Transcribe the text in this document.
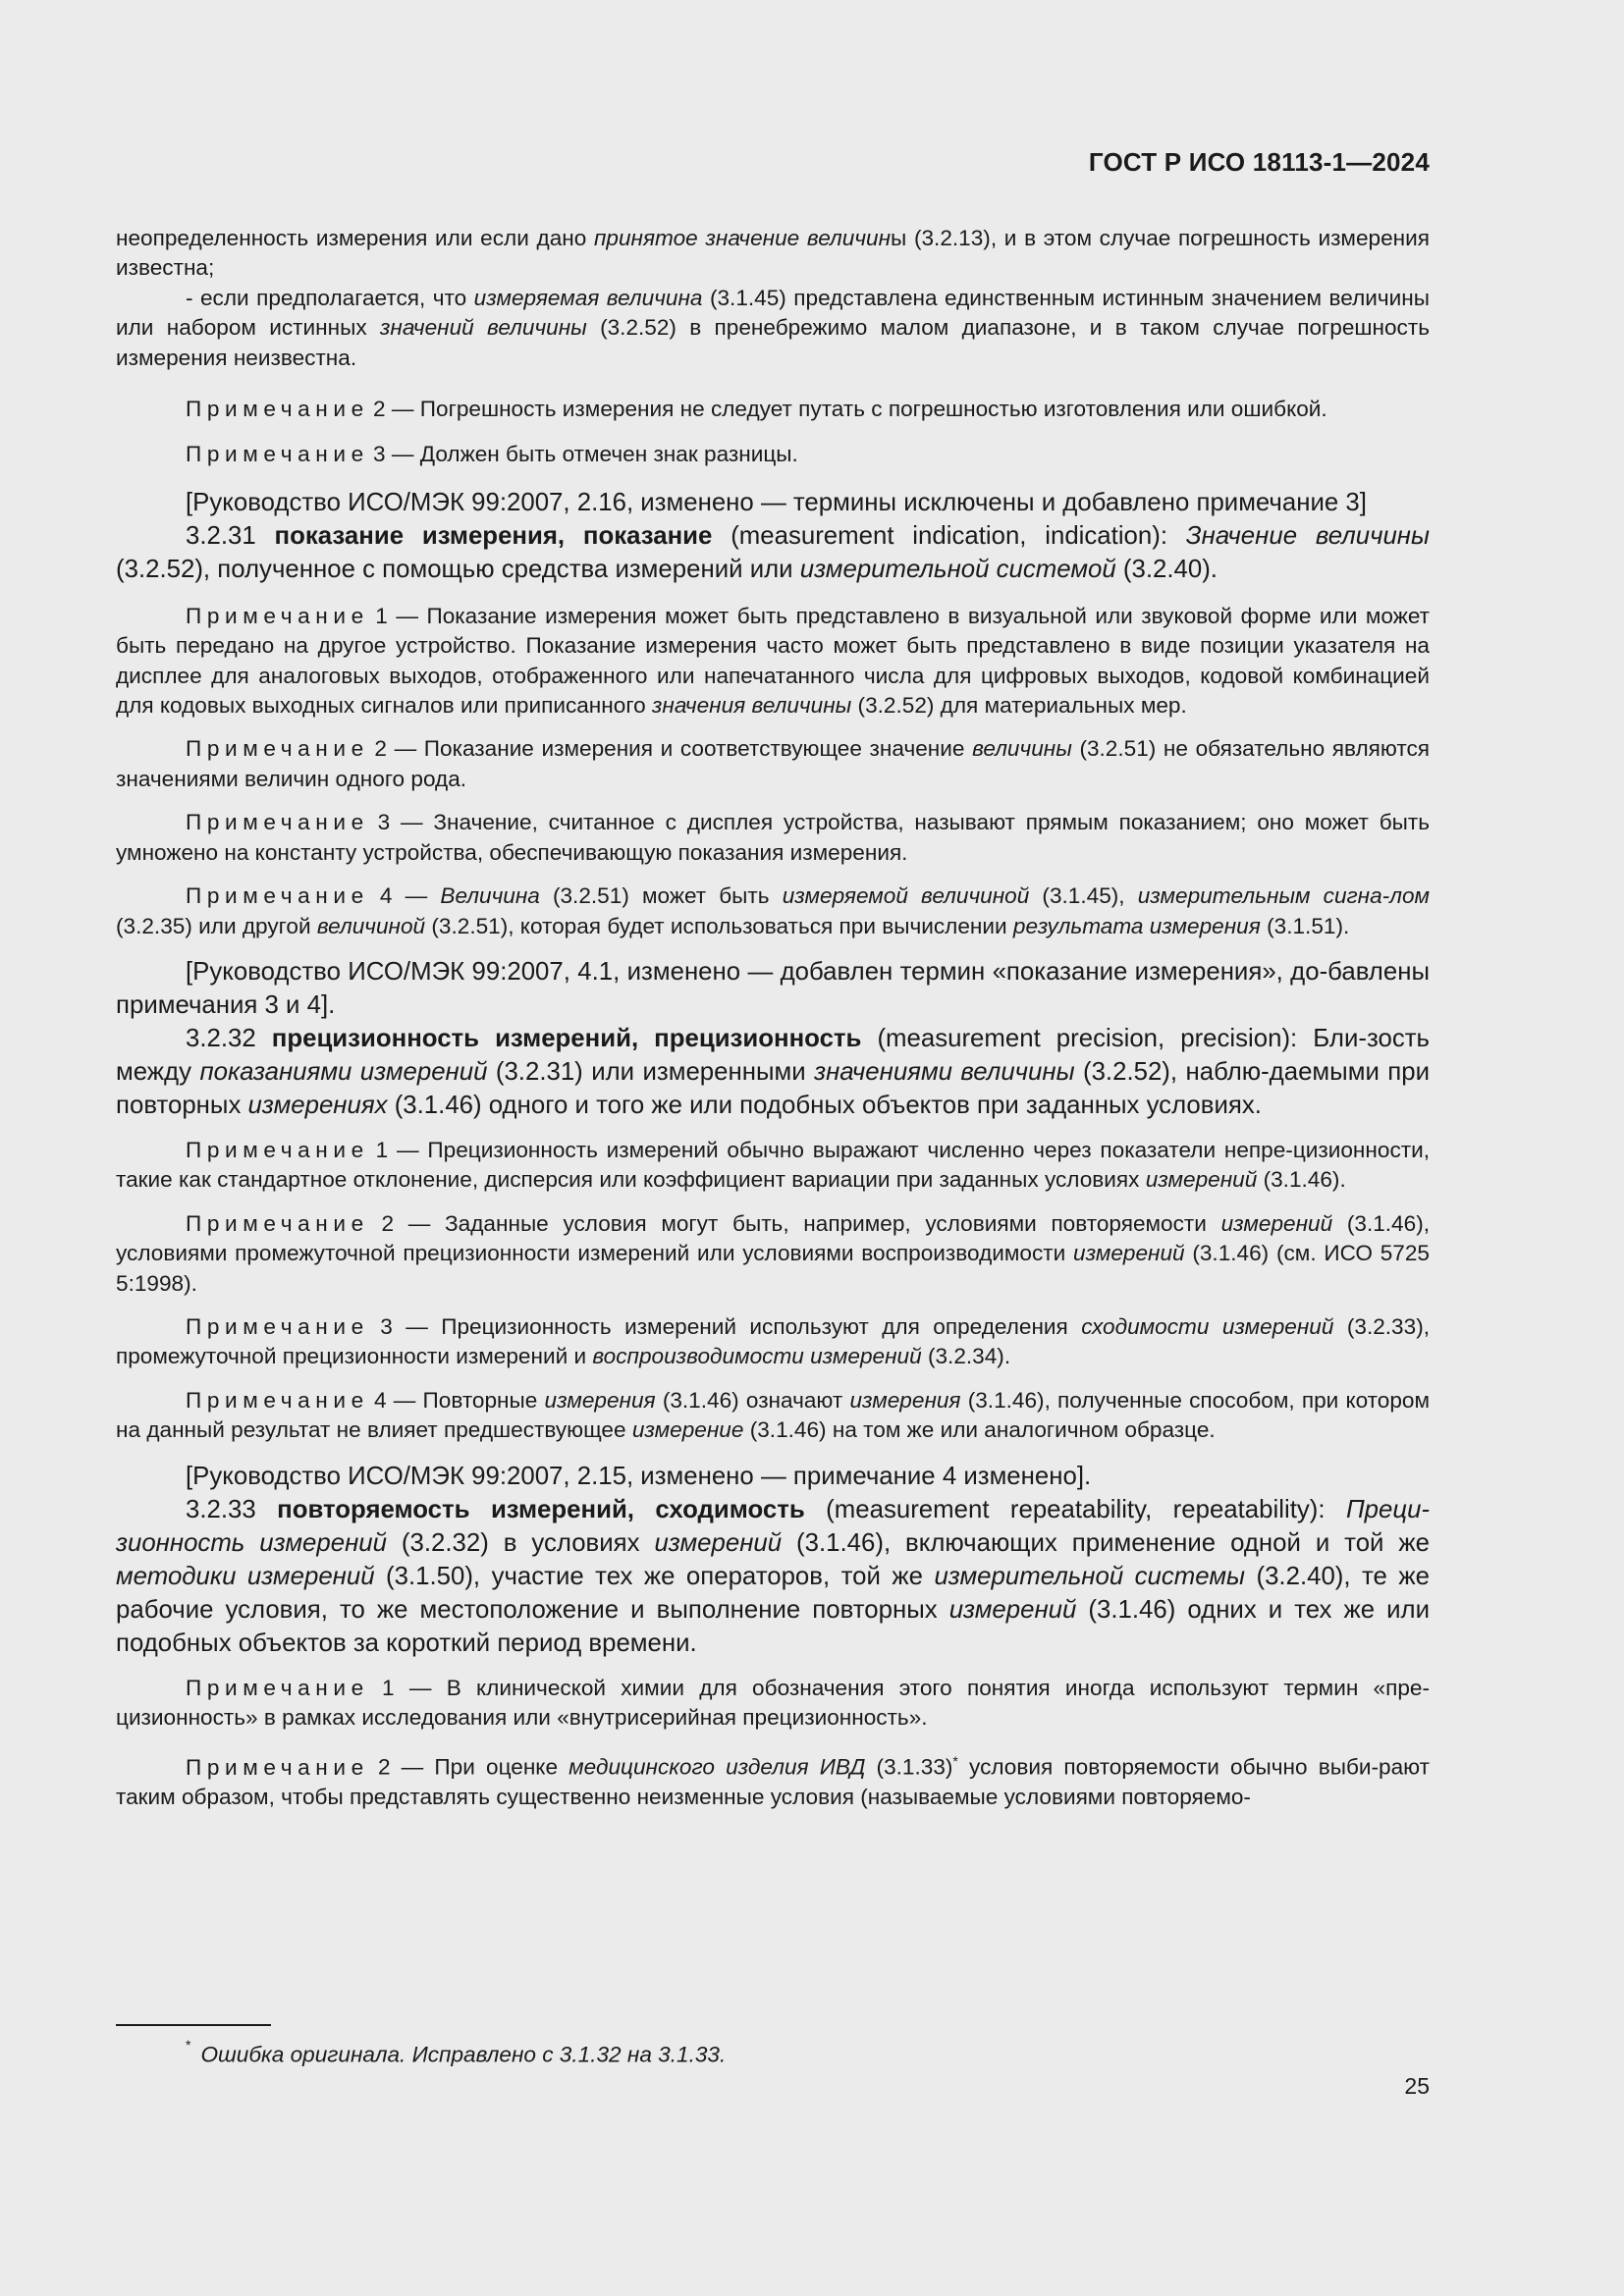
ГОСТ Р ИСО 18113-1—2024

неопределенность измерения или если дано принятое значение величины (3.2.13), и в этом случае погрешность измерения известна;

- если предполагается, что измеряемая величина (3.1.45) представлена единственным истинным значением величины или набором истинных значений величины (3.2.52) в пренебрежимо малом диапазоне, и в таком случае погрешность измерения неизвестна.

Примечание 2 — Погрешность измерения не следует путать с погрешностью изготовления или ошибкой.

Примечание 3 — Должен быть отмечен знак разницы.

[Руководство ИСО/МЭК 99:2007, 2.16, изменено — термины исключены и добавлено примечание 3]

3.2.31 показание измерения, показание (measurement indication, indication): Значение величины (3.2.52), полученное с помощью средства измерений или измерительной системой (3.2.40).

Примечание 1 — Показание измерения может быть представлено в визуальной или звуковой форме или может быть передано на другое устройство. Показание измерения часто может быть представлено в виде позиции указателя на дисплее для аналоговых выходов, отображенного или напечатанного числа для цифровых выходов, кодовой комбинацией для кодовых выходных сигналов или приписанного значения величины (3.2.52) для материальных мер.

Примечание 2 — Показание измерения и соответствующее значение величины (3.2.51) не обязательно являются значениями величин одного рода.

Примечание 3 — Значение, считанное с дисплея устройства, называют прямым показанием; оно может быть умножено на константу устройства, обеспечивающую показания измерения.

Примечание 4 — Величина (3.2.51) может быть измеряемой величиной (3.1.45), измерительным сигна-лом (3.2.35) или другой величиной (3.2.51), которая будет использоваться при вычислении результата измерения (3.1.51).

[Руководство ИСО/МЭК 99:2007, 4.1, изменено — добавлен термин «показание измерения», до-бавлены примечания 3 и 4].

3.2.32 прецизионность измерений, прецизионность (measurement precision, precision): Бли-зость между показаниями измерений (3.2.31) или измеренными значениями величины (3.2.52), наблю-даемыми при повторных измерениях (3.1.46) одного и того же или подобных объектов при заданных условиях.

Примечание 1 — Прецизионность измерений обычно выражают численно через показатели непре-цизионности, такие как стандартное отклонение, дисперсия или коэффициент вариации при заданных условиях измерений (3.1.46).

Примечание 2 — Заданные условия могут быть, например, условиями повторяемости измерений (3.1.46), условиями промежуточной прецизионности измерений или условиями воспроизводимости измерений (3.1.46) (см. ИСО 5725 5:1998).

Примечание 3 — Прецизионность измерений используют для определения сходимости измерений (3.2.33), промежуточной прецизионности измерений и воспроизводимости измерений (3.2.34).

Примечание 4 — Повторные измерения (3.1.46) означают измерения (3.1.46), полученные способом, при котором на данный результат не влияет предшествующее измерение (3.1.46) на том же или аналогичном образце.

[Руководство ИСО/МЭК 99:2007, 2.15, изменено — примечание 4 изменено].

3.2.33 повторяемость измерений, сходимость (measurement repeatability, repeatability): Преци-зионность измерений (3.2.32) в условиях измерений (3.1.46), включающих применение одной и той же методики измерений (3.1.50), участие тех же операторов, той же измерительной системы (3.2.40), те же рабочие условия, то же местоположение и выполнение повторных измерений (3.1.46) одних и тех же или подобных объектов за короткий период времени.

Примечание 1 — В клинической химии для обозначения этого понятия иногда используют термин «пре-цизионность» в рамках исследования или «внутрисерийная прецизионность».

Примечание 2 — При оценке медицинского изделия ИВД (3.1.33)* условия повторяемости обычно выби-рают таким образом, чтобы представлять существенно неизменные условия (называемые условиями повторяемо-

* Ошибка оригинала. Исправлено с 3.1.32 на 3.1.33.
25
